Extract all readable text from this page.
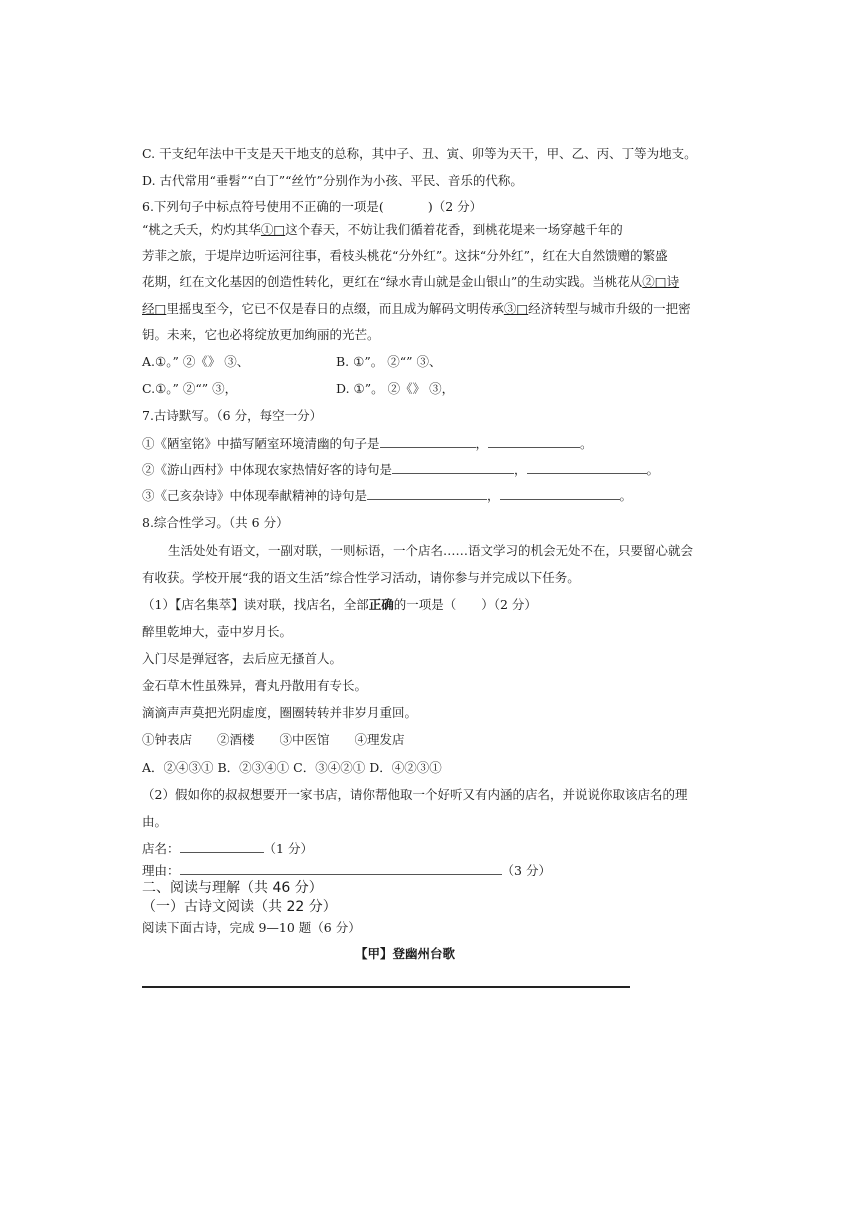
C. 干支纪年法中干支是天干地支的总称，其中子、丑、寅、卯等为天干，甲、乙、丙、丁等为地支。
D. 古代常用“垂髫”“白丁”“丝竹”分别作为小孩、平民、音乐的代称。
6.下列句子中标点符号使用不正确的一项是(	)（2 分）
“桃之夭夭，灼灼其华①□这个春天，不妨让我们循着花香，到桃花堤来一场穿越千年的
芳菲之旅，于堤岸边听运河往事，看枝头桃花“分外红”。这抹“分外红”，红在大自然馈赠的繁盛
花期，红在文化基因的创造性转化，更红在“绿水青山就是金山银山”的生动实践。当桃花从②□诗
经□里摇曳至今，它已不仅是春日的点缀，而且成为解码文明传承③□经济转型与城市升级的一把密
钥。未来，它也必将绽放更加绚丽的光芒。
A.①。” ②《》 ③、	B. ①”。 ②“” ③、
C.①。” ②“” ③，	D. ①”。 ②《》 ③，
7.古诗默写。（6 分，每空一分）
①《陋室铭》中描写陋室环境清幽的句子是	，	。
②《游山西村》中体现农家热情好客的诗句是	，	。
③《己亥杂诗》中体现奉献精神的诗句是	，	。
8.综合性学习。（共 6 分）
生活处处有语文，一副对联，一则标语，一个店名……语文学习的机会无处不在，只要留心就会
有收获。学校开展“我的语文生活”综合性学习活动，请你参与并完成以下任务。
（1）【店名集萃】读对联，找店名，全部正确的一项是（　　）（2 分）
醉里乾坤大，壶中岁月长。
入门尽是弹冠客，去后应无搔首人。
金石草木性虽殊异，膏丸丹散用有专长。
滴滴声声莫把光阴虚度，圈圈转转并非岁月重回。
①钟表店　　②酒楼　　③中医馆　　④理发店
A．②④③① B．②③④① C．③④②① D．④②③①
（2）假如你的叔叔想要开一家书店，请你帮他取一个好听又有内涵的店名，并说说你取该店名的理
由。
店名：	（1 分）
理由：	（3 分）
二、阅读与理解（共 46 分）
（一）古诗文阅读（共 22 分）
阅读下面古诗，完成 9—10 题（6 分）
【甲】登幽州台歌
